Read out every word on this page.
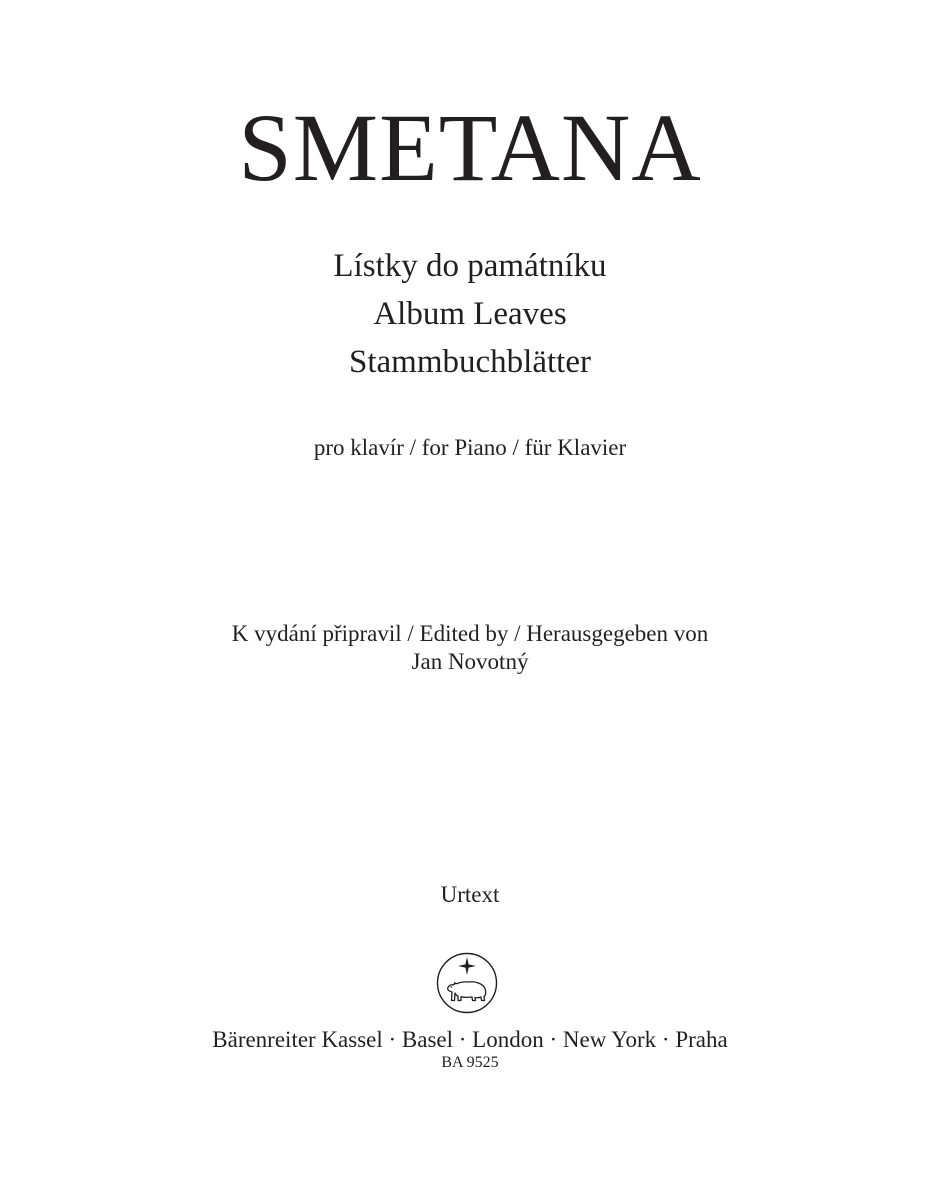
SMETANA
Lístky do památníku
Album Leaves
Stammbuchblätter
pro klavír / for Piano / für Klavier
K vydání připravil / Edited by / Herausgegeben von
Jan Novotný
Urtext
Bärenreiter Kassel · Basel · London · New York · Praha
BA 9525
